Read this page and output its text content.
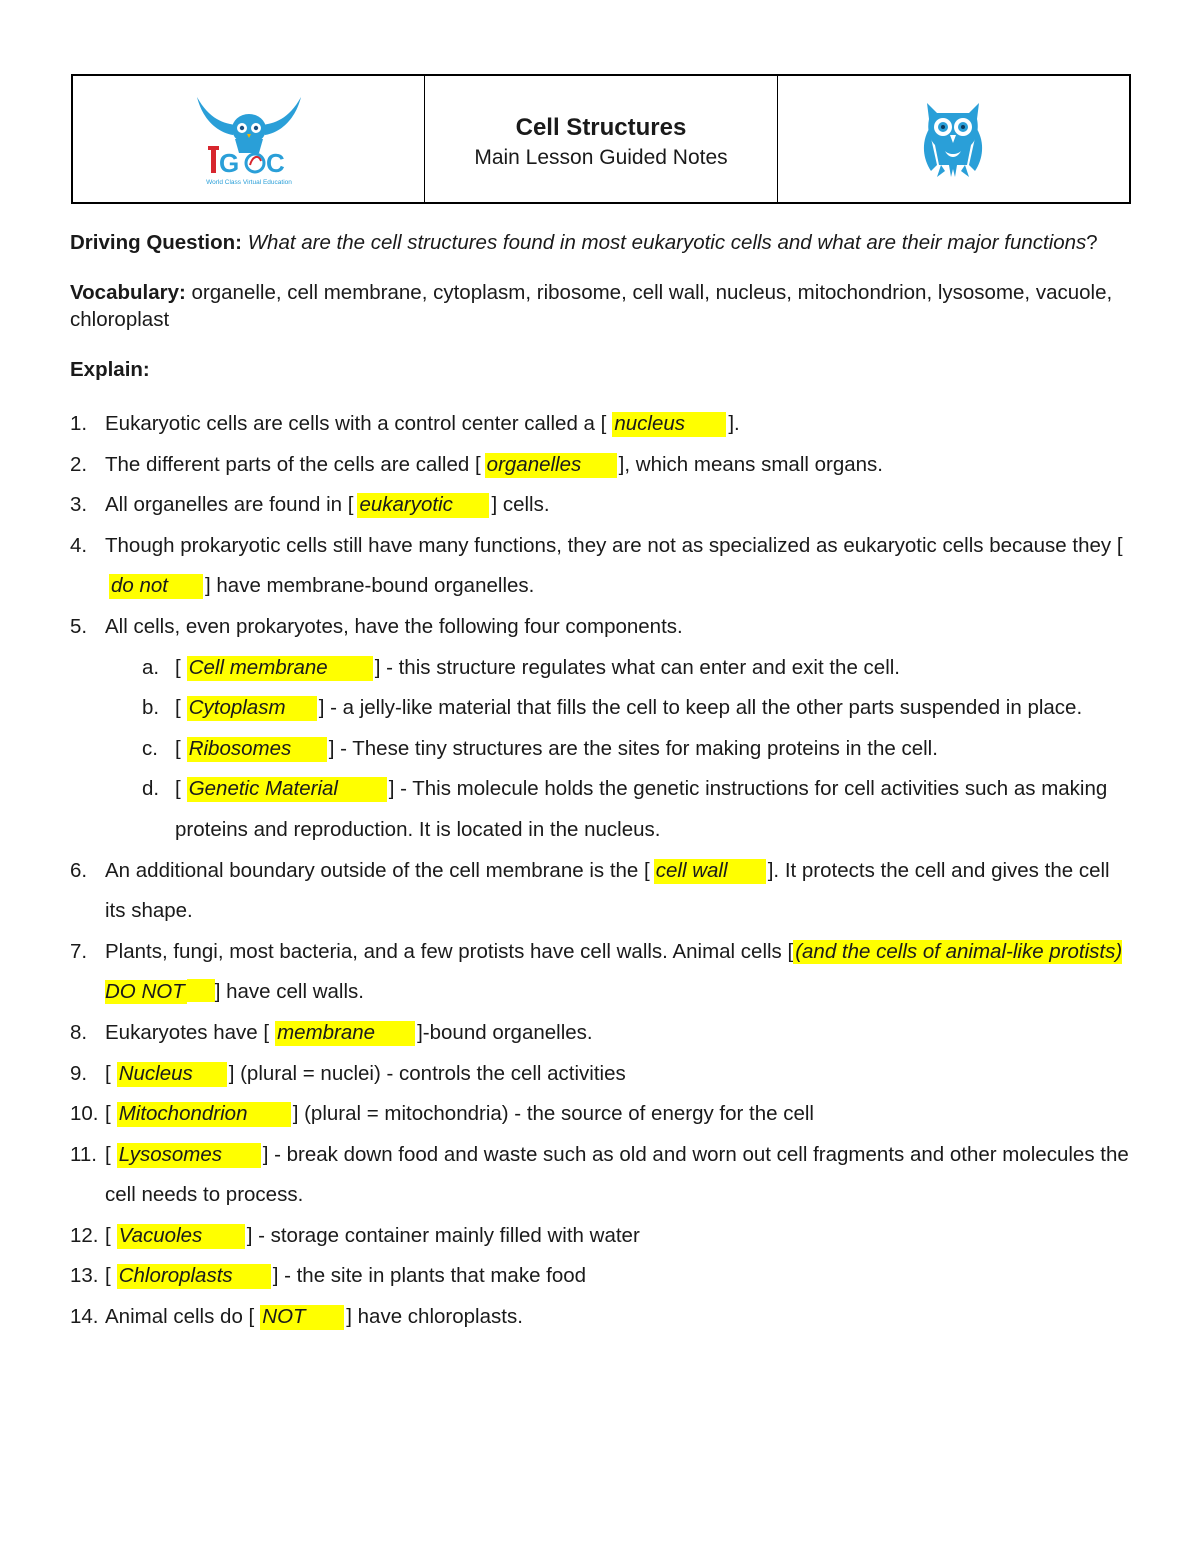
G C
World Class Virtual Education
Cell Structures
Main Lesson Guided Notes

Driving Question: What are the cell structures found in most eukaryotic cells and what are their major functions?

Vocabulary: organelle, cell membrane, cytoplasm, ribosome, cell wall, nucleus, mitochondrion, lysosome, vacuole, chloroplast

Explain:

1. Eukaryotic cells are cells with a control center called a [ nucleus ].
2. The different parts of the cells are called [ organelles ], which means small organs.
3. All organelles are found in [ eukaryotic ] cells.
4. Though prokaryotic cells still have many functions, they are not as specialized as eukaryotic cells because they [do not ] have membrane-bound organelles.
5. All cells, even prokaryotes, have the following four components.
a. [ Cell membrane ] - this structure regulates what can enter and exit the cell.
b. [ Cytoplasm ] - a jelly-like material that fills the cell to keep all the other parts suspended in place.
c. [ Ribosomes ] - These tiny structures are the sites for making proteins in the cell.
d. [ Genetic Material ] - This molecule holds the genetic instructions for cell activities such as making proteins and reproduction. It is located in the nucleus.
6. An additional boundary outside of the cell membrane is the [ cell wall ]. It protects the cell and gives the cell its shape.
7. Plants, fungi, most bacteria, and a few protists have cell walls. Animal cells [(and the cells of animal-like protists) DO NOT ] have cell walls.
8. Eukaryotes have [ membrane ]-bound organelles.
9. [ Nucleus ] (plural = nuclei) - controls the cell activities
10. [ Mitochondrion ] (plural = mitochondria) - the source of energy for the cell
11. [ Lysosomes ] - break down food and waste such as old and worn out cell fragments and other molecules the cell needs to process.
12. [ Vacuoles ] - storage container mainly filled with water
13. [ Chloroplasts ] - the site in plants that make food
14. Animal cells do [ NOT ] have chloroplasts.
